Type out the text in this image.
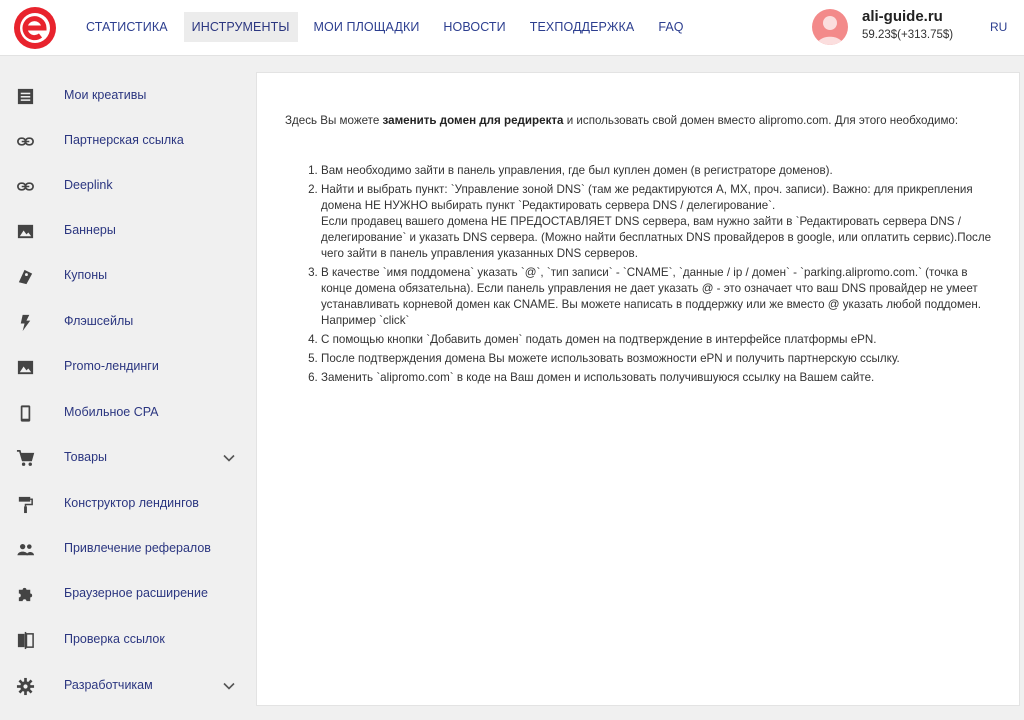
СТАТИСТИКА	ИНСТРУМЕНТЫ	МОИ ПЛОЩАДКИ	НОВОСТИ	ТЕХПОДДЕРЖКА	FAQ
ali-guide.ru
59.23$(+313.75$)
RU
Мои креативы
Партнерская ссылка
Deeplink
Баннеры
Купоны
Флэшсейлы
Promo-лендинги
Мобильное CPA
Товары
Конструктор лендингов
Привлечение рефералов
Браузерное расширение
Проверка ссылок
Разработчикам

Здесь Вы можете заменить домен для редиректа и использовать свой домен вместо alipromo.com. Для этого необходимо:

1. Вам необходимо зайти в панель управления, где был куплен домен (в регистраторе доменов).
2. Найти и выбрать пункт: `Управление зоной DNS` (там же редактируются A, MX, проч. записи). Важно: для прикрепления домена НЕ НУЖНО выбирать пункт `Редактировать сервера DNS / делегирование`.
Если продавец вашего домена НЕ ПРЕДОСТАВЛЯЕТ DNS сервера, вам нужно зайти в `Редактировать сервера DNS /делегирование` и указать DNS сервера. (Можно найти бесплатных DNS провайдеров в google, или оплатить сервис).После чего зайти в панель управления указанных DNS серверов.
3. В качестве `имя поддомена` указать `@`, `тип записи` - `CNAME`, `данные / ip / домен` - `parking.alipromo.com.` (точка в конце домена обязательна). Если панель управления не дает указать @ - это означает что ваш DNS провайдер не умеет устанавливать корневой домен как CNAME. Вы можете написать в поддержку или же вместо @ указать любой поддомен. Например `click`
4. С помощью кнопки `Добавить домен` подать домен на подтверждение в интерфейсе платформы ePN.
5. После подтверждения домена Вы можете использовать возможности ePN и получить партнерскую ссылку.
6. Заменить `alipromo.com` в коде на Ваш домен и использовать получившуюся ссылку на Вашем сайте.
